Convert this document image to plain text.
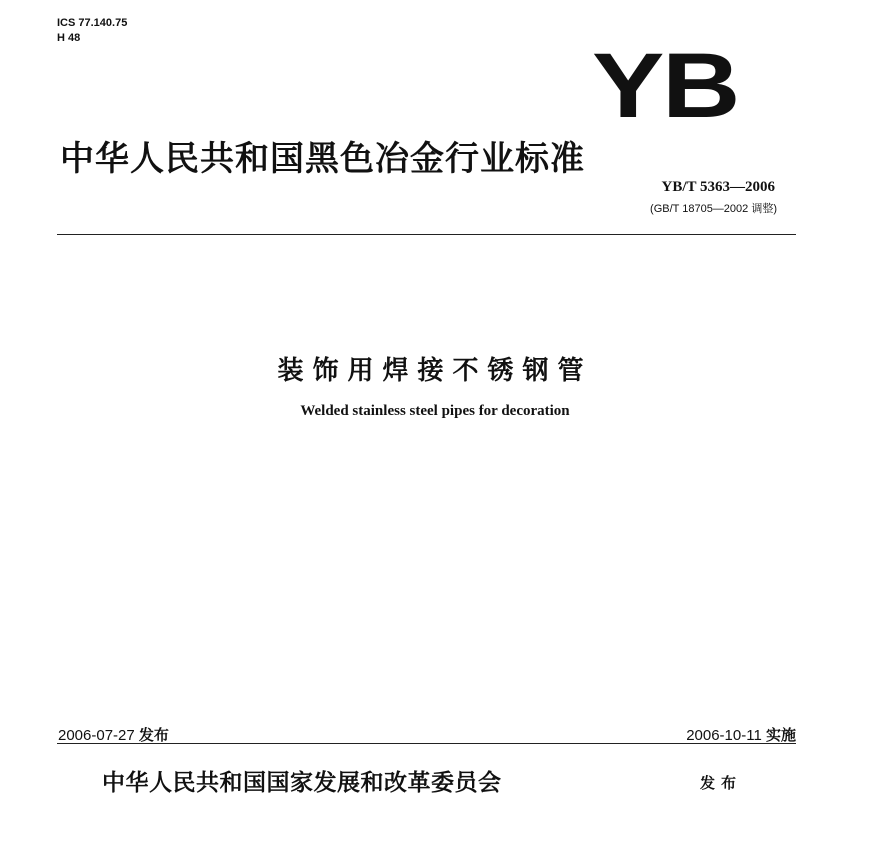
ICS 77.140.75
H 48	YB
中华人民共和国黑色冶金行业标准
YB/T 5363—2006
(GB/T 18705—2002 调整)
装饰用焊接不锈钢管
Welded stainless steel pipes for decoration
2006-07-27 发布	2006-10-11 实施
中华人民共和国国家发展和改革委员会	发布
